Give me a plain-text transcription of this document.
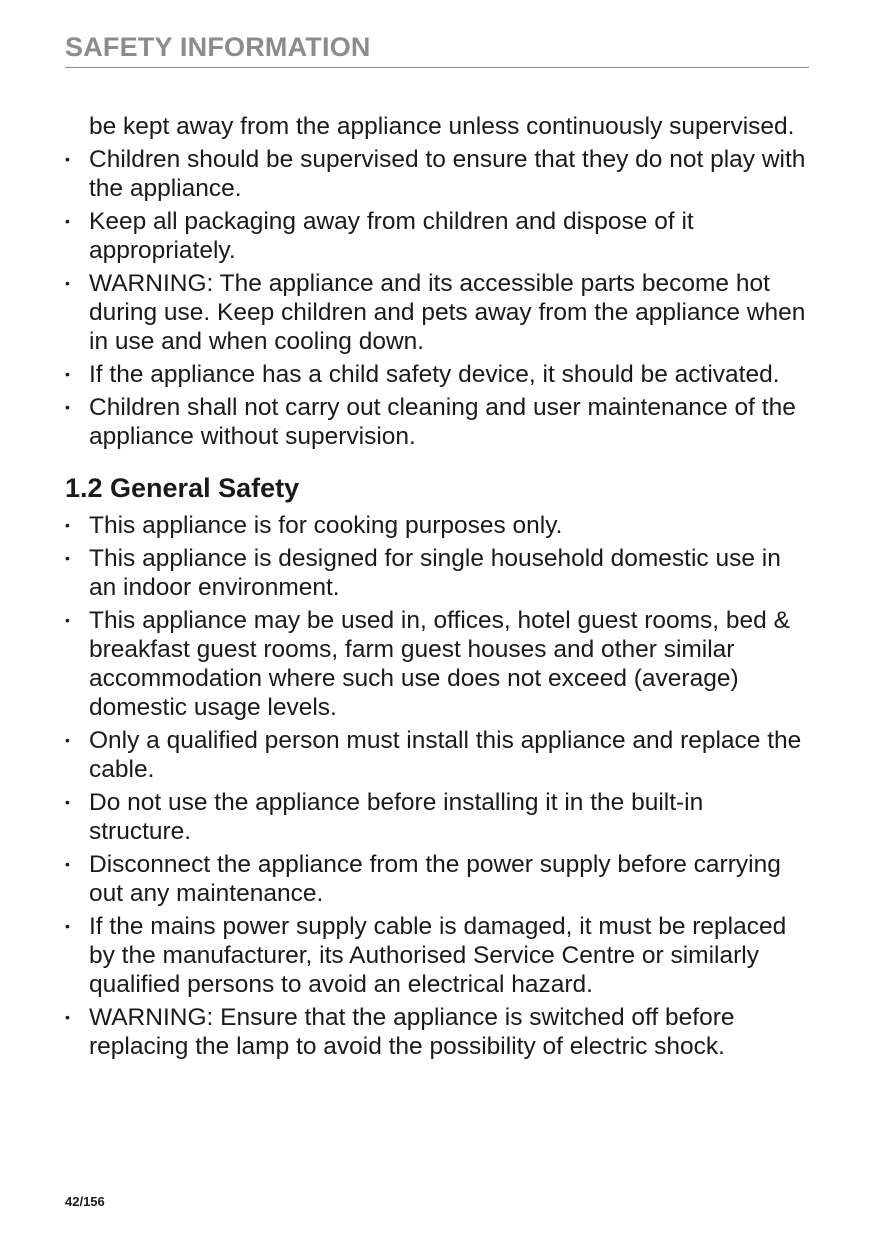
SAFETY INFORMATION

be kept away from the appliance unless continuously supervised.

• Children should be supervised to ensure that they do not play with the appliance.
• Keep all packaging away from children and dispose of it appropriately.
• WARNING: The appliance and its accessible parts become hot during use. Keep children and pets away from the appliance when in use and when cooling down.
• If the appliance has a child safety device, it should be activated.
• Children shall not carry out cleaning and user maintenance of the appliance without supervision.
1.2 General Safety
• This appliance is for cooking purposes only.
• This appliance is designed for single household domestic use in an indoor environment.
• This appliance may be used in, offices, hotel guest rooms, bed & breakfast guest rooms, farm guest houses and other similar accommodation where such use does not exceed (average) domestic usage levels.
• Only a qualified person must install this appliance and replace the cable.
• Do not use the appliance before installing it in the built-in structure.
• Disconnect the appliance from the power supply before carrying out any maintenance.
• If the mains power supply cable is damaged, it must be replaced by the manufacturer, its Authorised Service Centre or similarly qualified persons to avoid an electrical hazard.
• WARNING: Ensure that the appliance is switched off before replacing the lamp to avoid the possibility of electric shock.
42/156
